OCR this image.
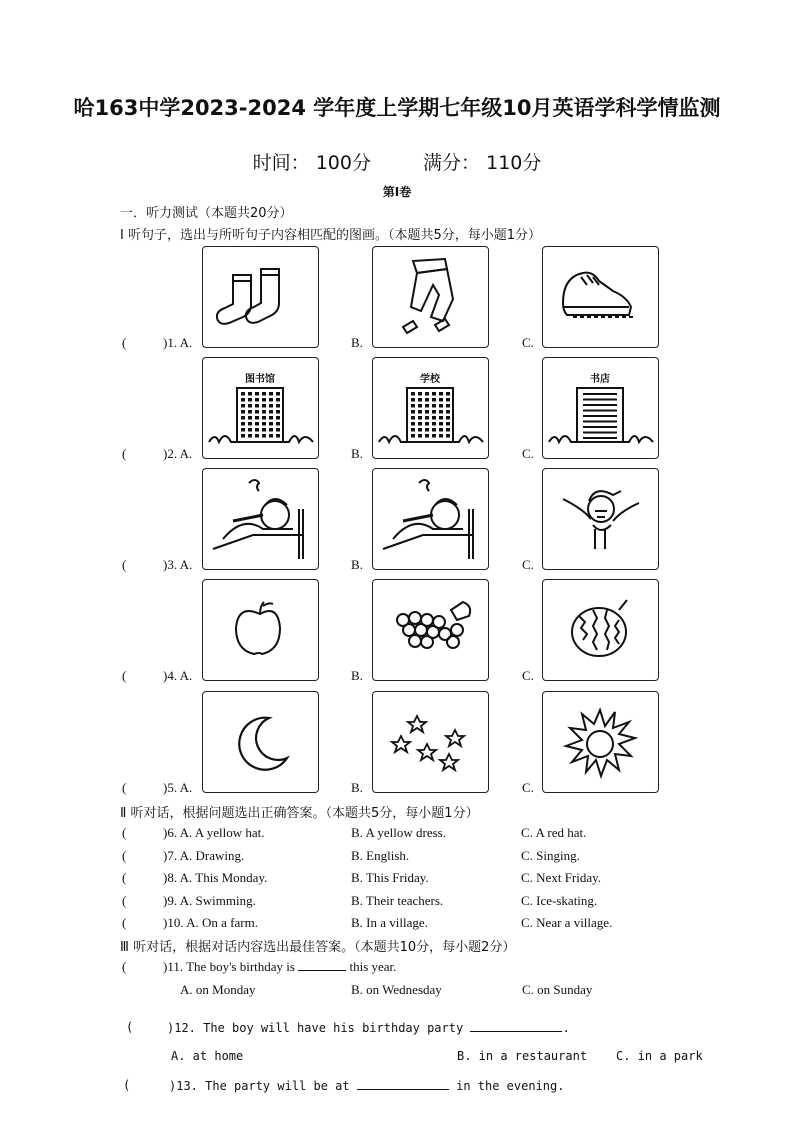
哈163中学2023-2024 学年度上学期七年级10月英语学科学情监测
时间： 100分	满分： 110分
第I卷
一．听力测试（本题共20分）
Ⅰ 听句子，选出与所听句子内容相匹配的图画。（本题共5分，每小题1分）
(	)1. A.	B.	C.
(	)2. A.	B.	C.
图书馆	学校	书店
(	)3. A.	B.	C.
(	)4. A.	B.	C.
(	)5. A.	B.	C.
Ⅱ 听对话，根据问题选出正确答案。（本题共5分，每小题1分）
(	)6. A. A yellow hat.	B. A yellow dress.	C. A red hat.
(	)7. A. Drawing.	B. English.	C. Singing.
(	)8. A. This Monday.	B. This Friday.	C. Next Friday.
(	)9. A. Swimming.	B. Their teachers.	C. Ice-skating.
(	)10. A. On a farm.	B. In a village.	C. Near a village.
Ⅲ 听对话，根据对话内容选出最佳答案。（本题共10分，每小题2分）
(	)11. The boy's birthday is	this year.
A. on Monday	B. on Wednesday	C. on Sunday
(	)12. The boy will have his birthday party	.
A. at home	B. in a restaurant C. in a park
(	)13. The party will be at	in the evening.
